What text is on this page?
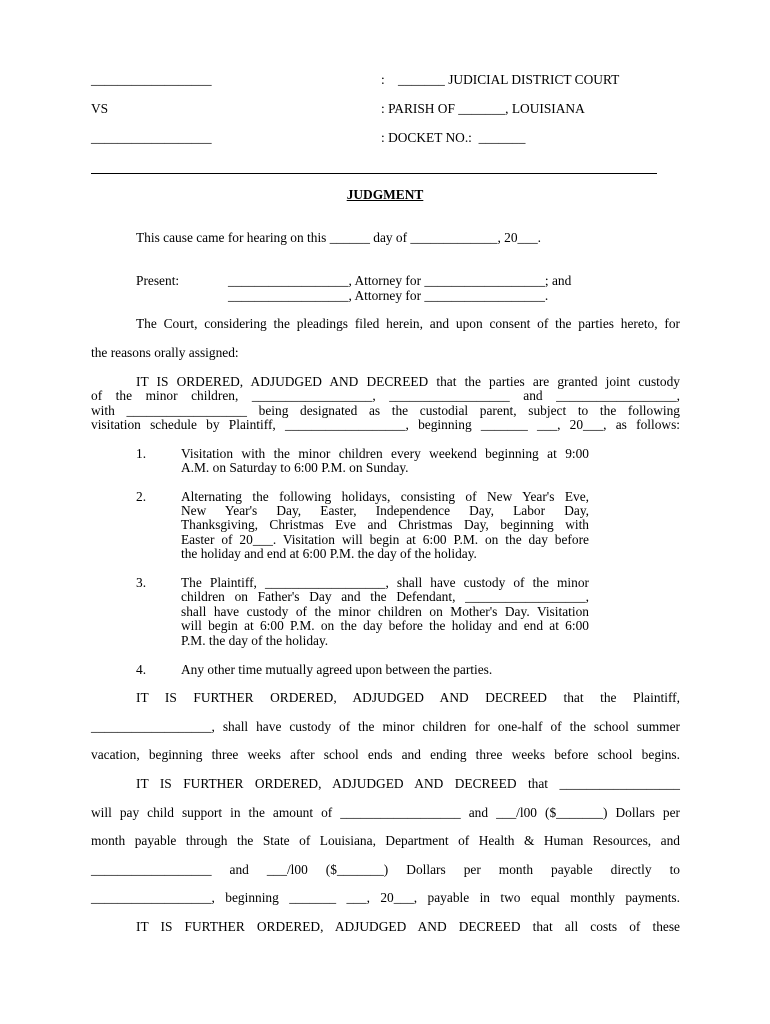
__________________	: _______ JUDICIAL DISTRICT COURT
VS	: PARISH OF _______, LOUISIANA
__________________	: DOCKET NO.:  _______
JUDGMENT
This cause came for hearing on this ______ day of _____________, 20___.
Present:	__________________, Attorney for __________________; and
__________________, Attorney for __________________.
The Court, considering the pleadings filed herein, and upon consent of the parties hereto, for
the reasons orally assigned:
IT IS ORDERED, ADJUDGED AND DECREED that the parties are granted joint custody
of the minor children, __________________, __________________ and __________________,
with __________________ being designated as the custodial parent, subject to the following
visitation schedule by Plaintiff, __________________, beginning _______ ___, 20___, as follows:
1.	Visitation with the minor children every weekend beginning at 9:00
A.M. on Saturday to 6:00 P.M. on Sunday.
2.	Alternating the following holidays, consisting of New Year's Eve,
New Year's Day, Easter, Independence Day, Labor Day,
Thanksgiving, Christmas Eve and Christmas Day, beginning with
Easter of 20___. Visitation will begin at 6:00 P.M. on the day before
the holiday and end at 6:00 P.M. the day of the holiday.
3.	The Plaintiff, __________________, shall have custody of the minor
children on Father's Day and the Defendant, __________________,
shall have custody of the minor children on Mother's Day. Visitation
will begin at 6:00 P.M. on the day before the holiday and end at 6:00
P.M. the day of the holiday.
4.	Any other time mutually agreed upon between the parties.
IT IS FURTHER ORDERED, ADJUDGED AND DECREED that the Plaintiff,
__________________, shall have custody of the minor children for one-half of the school summer
vacation, beginning three weeks after school ends and ending three weeks before school begins.
IT IS FURTHER ORDERED, ADJUDGED AND DECREED that __________________
will pay child support in the amount of __________________ and ___/l00 ($_______) Dollars per
month payable through the State of Louisiana, Department of Health & Human Resources, and
__________________ and ___/l00 ($_______) Dollars per month payable directly to
__________________, beginning _______ ___, 20___, payable in two equal monthly payments.
IT IS FURTHER ORDERED, ADJUDGED AND DECREED that all costs of these
